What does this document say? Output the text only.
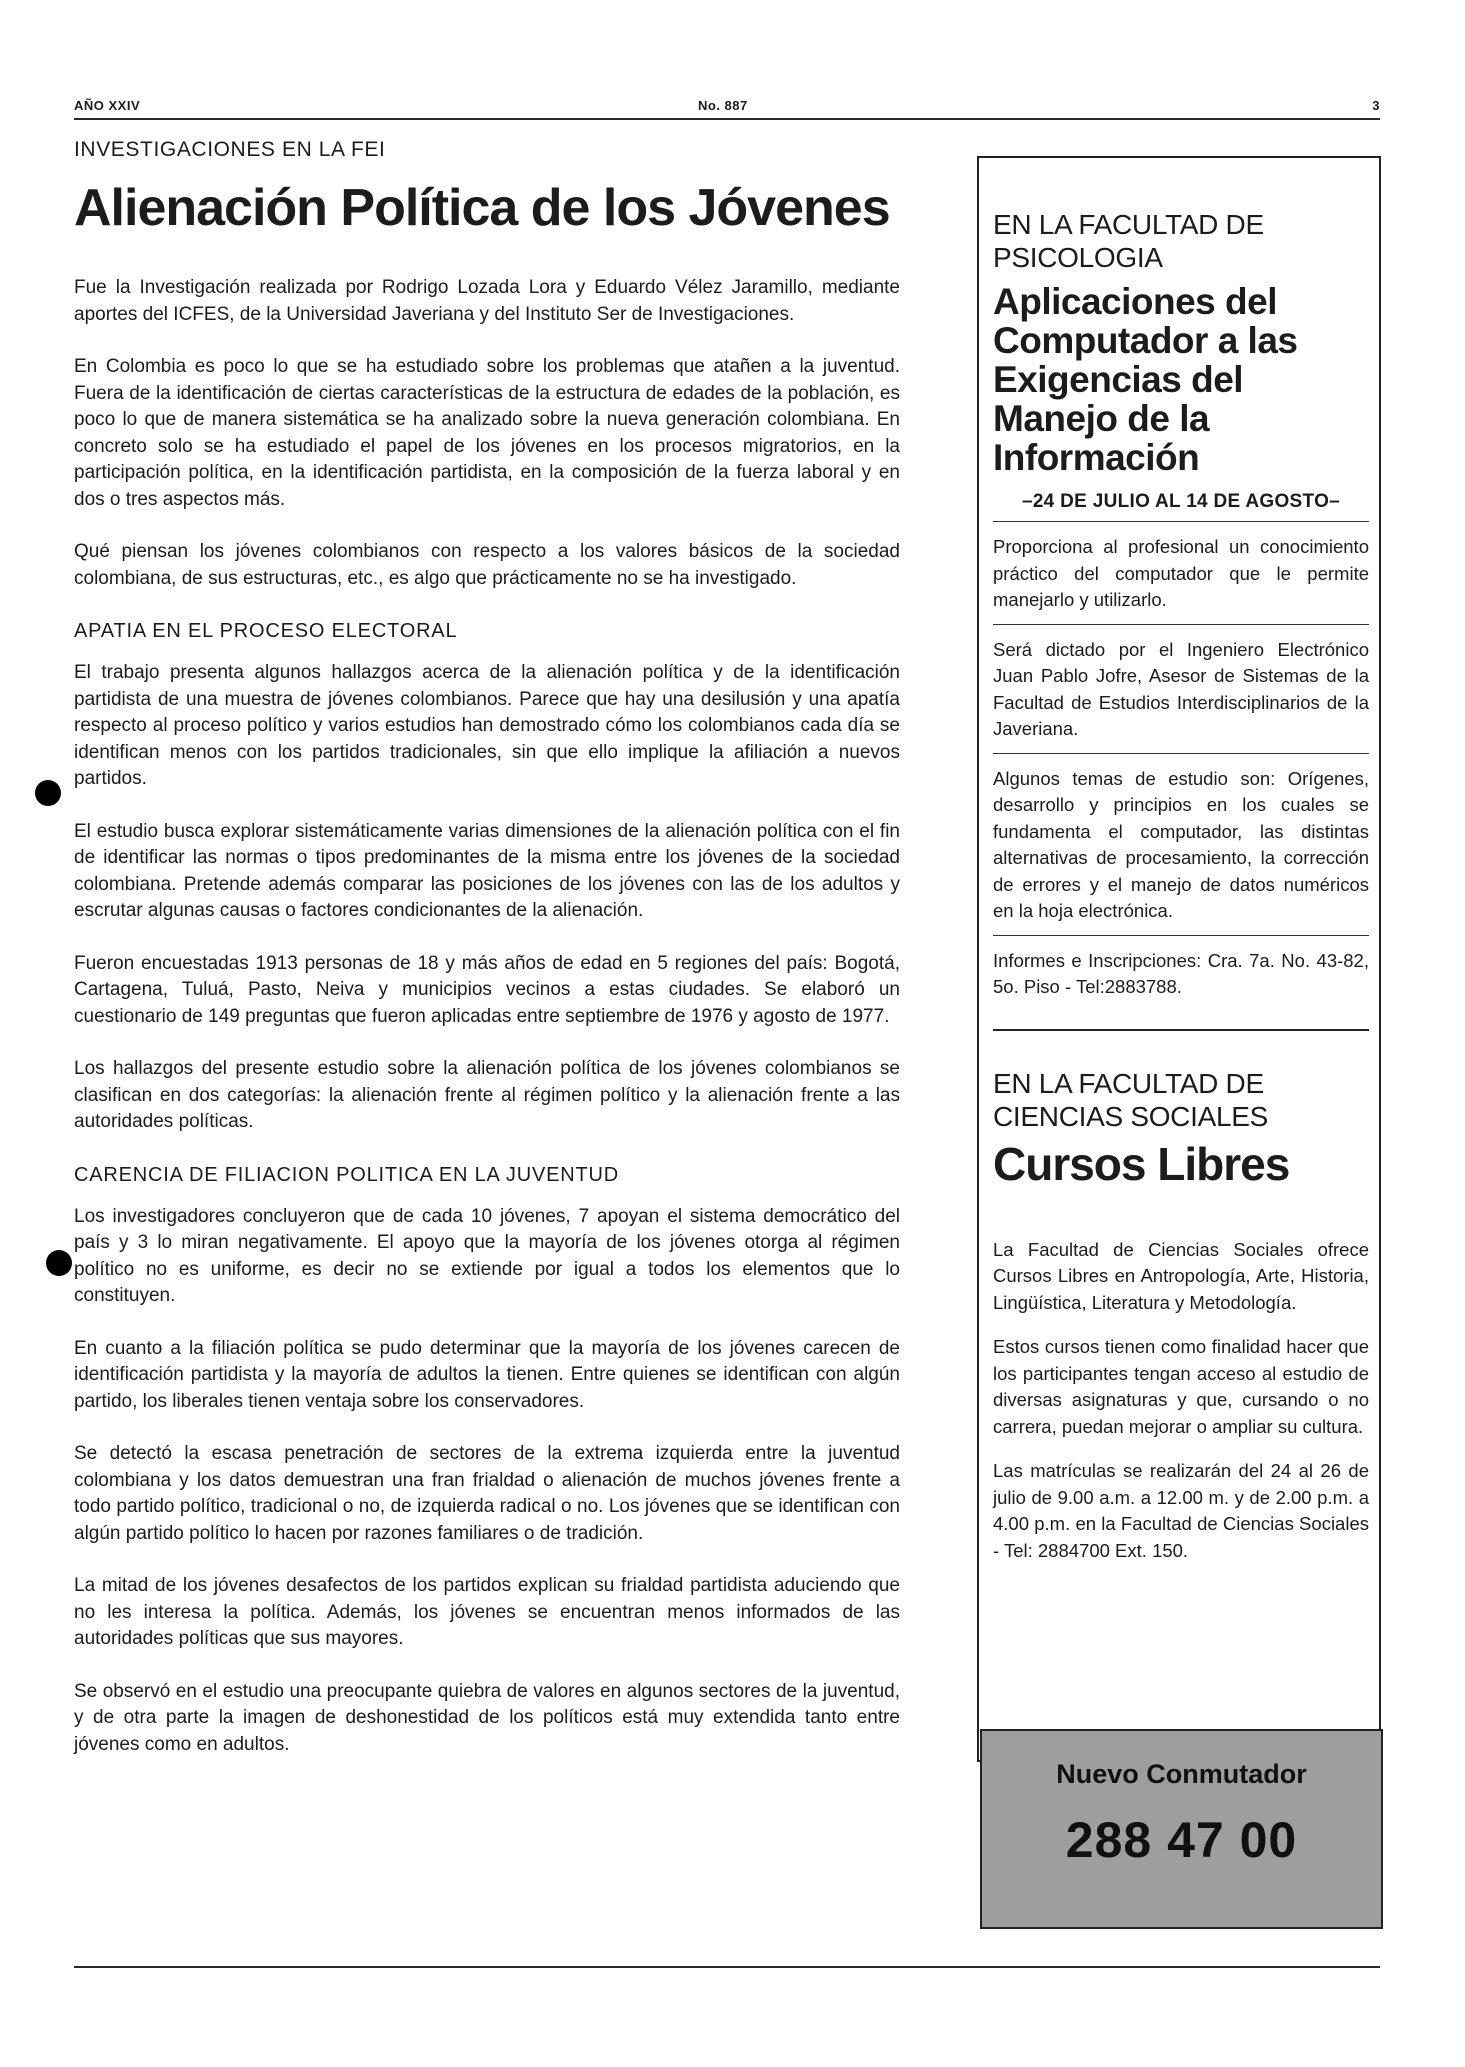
AÑO XXIV	No. 887	3
INVESTIGACIONES EN LA FEI
Alienación Política de los Jóvenes

Fue la Investigación realizada por Rodrigo Lozada Lora y Eduardo Vélez Jaramillo, mediante aportes del ICFES, de la Universidad Javeriana y del Instituto Ser de Investigaciones.

En Colombia es poco lo que se ha estudiado sobre los problemas que atañen a la juventud. Fuera de la identificación de ciertas características de la estructura de edades de la población, es poco lo que de manera sistemática se ha analizado sobre la nueva generación colombiana. En concreto solo se ha estudiado el papel de los jóvenes en los procesos migratorios, en la participación política, en la identificación partidista, en la composición de la fuerza laboral y en dos o tres aspectos más.

Qué piensan los jóvenes colombianos con respecto a los valores básicos de la sociedad colombiana, de sus estructuras, etc., es algo que prácticamente no se ha investigado.

APATIA EN EL PROCESO ELECTORAL

El trabajo presenta algunos hallazgos acerca de la alienación política y de la identificación partidista de una muestra de jóvenes colombianos. Parece que hay una desilusión y una apatía respecto al proceso político y varios estudios han demostrado cómo los colombianos cada día se identifican menos con los partidos tradicionales, sin que ello implique la afiliación a nuevos partidos.

El estudio busca explorar sistemáticamente varias dimensiones de la alienación política con el fin de identificar las normas o tipos predominantes de la misma entre los jóvenes de la sociedad colombiana. Pretende además comparar las posiciones de los jóvenes con las de los adultos y escrutar algunas causas o factores condicionantes de la alienación.

Fueron encuestadas 1913 personas de 18 y más años de edad en 5 regiones del país: Bogotá, Cartagena, Tuluá, Pasto, Neiva y municipios vecinos a estas ciudades. Se elaboró un cuestionario de 149 preguntas que fueron aplicadas entre septiembre de 1976 y agosto de 1977.

Los hallazgos del presente estudio sobre la alienación política de los jóvenes colombianos se clasifican en dos categorías: la alienación frente al régimen político y la alienación frente a las autoridades políticas.

CARENCIA DE FILIACION POLITICA EN LA JUVENTUD

Los investigadores concluyeron que de cada 10 jóvenes, 7 apoyan el sistema democrático del país y 3 lo miran negativamente. El apoyo que la mayoría de los jóvenes otorga al régimen político no es uniforme, es decir no se extiende por igual a todos los elementos que lo constituyen.

En cuanto a la filiación política se pudo determinar que la mayoría de los jóvenes carecen de identificación partidista y la mayoría de adultos la tienen. Entre quienes se identifican con algún partido, los liberales tienen ventaja sobre los conservadores.

Se detectó la escasa penetración de sectores de la extrema izquierda entre la juventud colombiana y los datos demuestran una fran frialdad o alienación de muchos jóvenes frente a todo partido político, tradicional o no, de izquierda radical o no. Los jóvenes que se identifican con algún partido político lo hacen por razones familiares o de tradición.

La mitad de los jóvenes desafectos de los partidos explican su frialdad partidista aduciendo que no les interesa la política. Además, los jóvenes se encuentran menos informados de las autoridades políticas que sus mayores.

Se observó en el estudio una preocupante quiebra de valores en algunos sectores de la juventud, y de otra parte la imagen de deshonestidad de los políticos está muy extendida tanto entre jóvenes como en adultos.

EN LA FACULTAD DE PSICOLOGIA
Aplicaciones del Computador a las Exigencias del Manejo de la Información
–24 DE JULIO AL 14 DE AGOSTO–
Proporciona al profesional un conocimiento práctico del computador que le permite manejarlo y utilizarlo.
Será dictado por el Ingeniero Electrónico Juan Pablo Jofre, Asesor de Sistemas de la Facultad de Estudios Interdisciplinarios de la Javeriana.
Algunos temas de estudio son: Orígenes, desarrollo y principios en los cuales se fundamenta el computador, las distintas alternativas de procesamiento, la corrección de errores y el manejo de datos numéricos en la hoja electrónica.
Informes e Inscripciones: Cra. 7a. No. 43-82, 5o. Piso - Tel:2883788.
EN LA FACULTAD DE CIENCIAS SOCIALES
Cursos Libres
La Facultad de Ciencias Sociales ofrece Cursos Libres en Antropología, Arte, Historia, Lingüística, Literatura y Metodología.
Estos cursos tienen como finalidad hacer que los participantes tengan acceso al estudio de diversas asignaturas y que, cursando o no carrera, puedan mejorar o ampliar su cultura.
Las matrículas se realizarán del 24 al 26 de julio de 9.00 a.m. a 12.00 m. y de 2.00 p.m. a 4.00 p.m. en la Facultad de Ciencias Sociales - Tel: 2884700 Ext. 150.
Nuevo Conmutador
288 47 00
